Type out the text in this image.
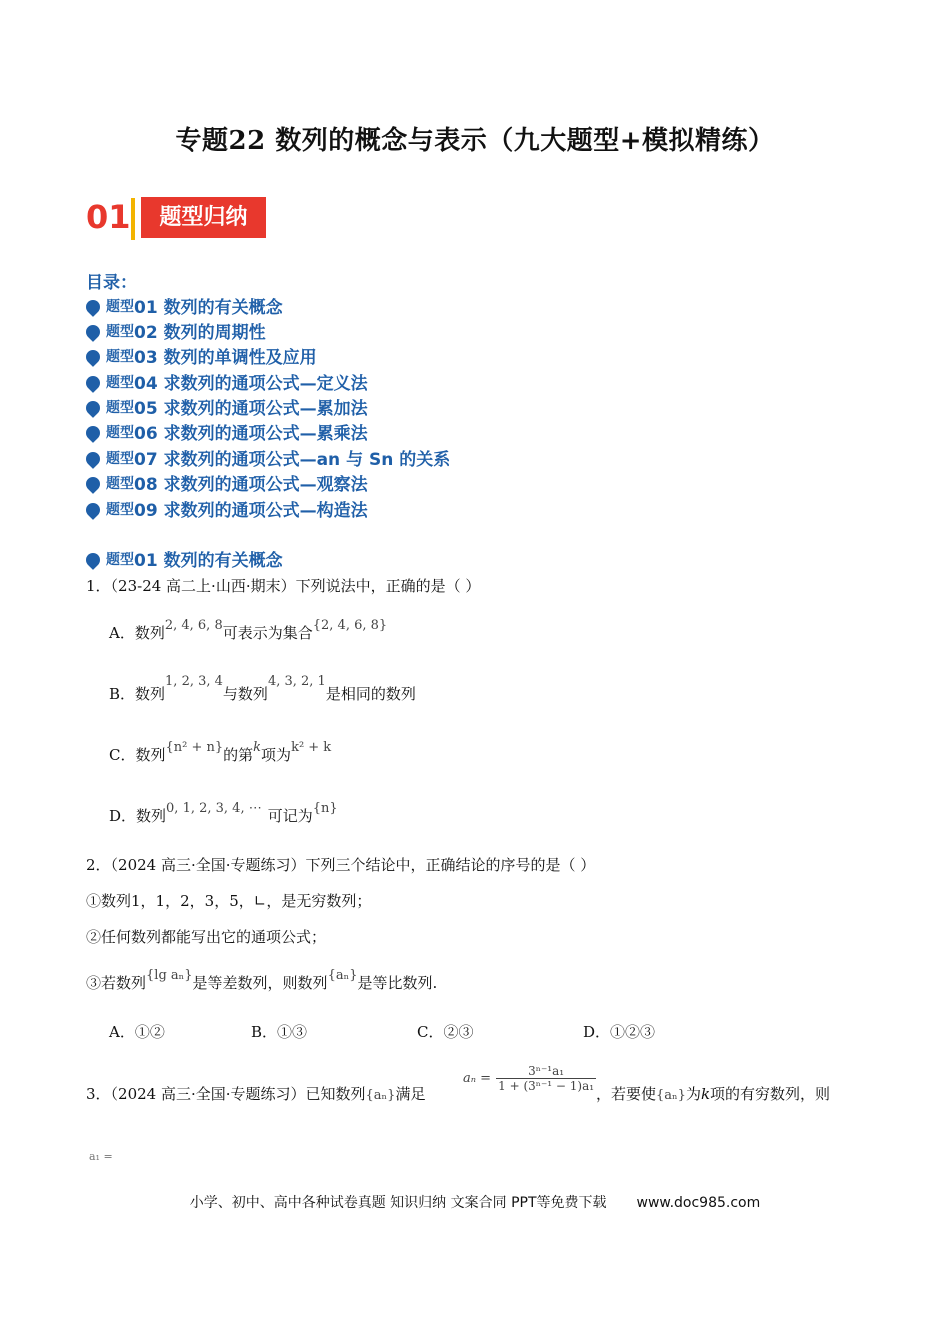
专题22 数列的概念与表示（九大题型+模拟精练）
01	题型归纳
目录：
题型01 数列的有关概念
题型02 数列的周期性
题型03 数列的单调性及应用
题型04 求数列的通项公式—定义法
题型05 求数列的通项公式—累加法
题型06 求数列的通项公式—累乘法
题型07 求数列的通项公式—an 与 Sn 的关系
题型08 求数列的通项公式—观察法
题型09 求数列的通项公式—构造法
题型01 数列的有关概念
1．（23-24 高二上·山西·期末）下列说法中，正确的是（ ）
A．数列2, 4, 6, 8可表示为集合{2, 4, 6, 8}
B．数列1, 2, 3, 4与数列4, 3, 2, 1是相同的数列
C．数列{n² + n}的第k项为k² + k
D．数列0, 1, 2, 3, 4, ⋯ 可记为{n}
2．（2024 高三·全国·专题练习）下列三个结论中，正确结论的序号的是（ ）
①数列1，1，2，3，5，∟，是无穷数列；
②任何数列都能写出它的通项公式；
③若数列{lg aₙ}是等差数列，则数列{aₙ}是等比数列.
A．①②	B．①③	C．②③	D．①②③
3．（2024 高三·全国·专题练习）已知数列{aₙ}满足
$a_n = \frac{\text{3ⁿ⁻¹a₁}}{\text{1 + (3ⁿ⁻¹ − 1)a₁}}$
，若要使{aₙ}为k项的有穷数列，则
a₁ =
小学、初中、高中各种试卷真题 知识归纳 文案合同 PPT等免费下载 www.doc985.com
